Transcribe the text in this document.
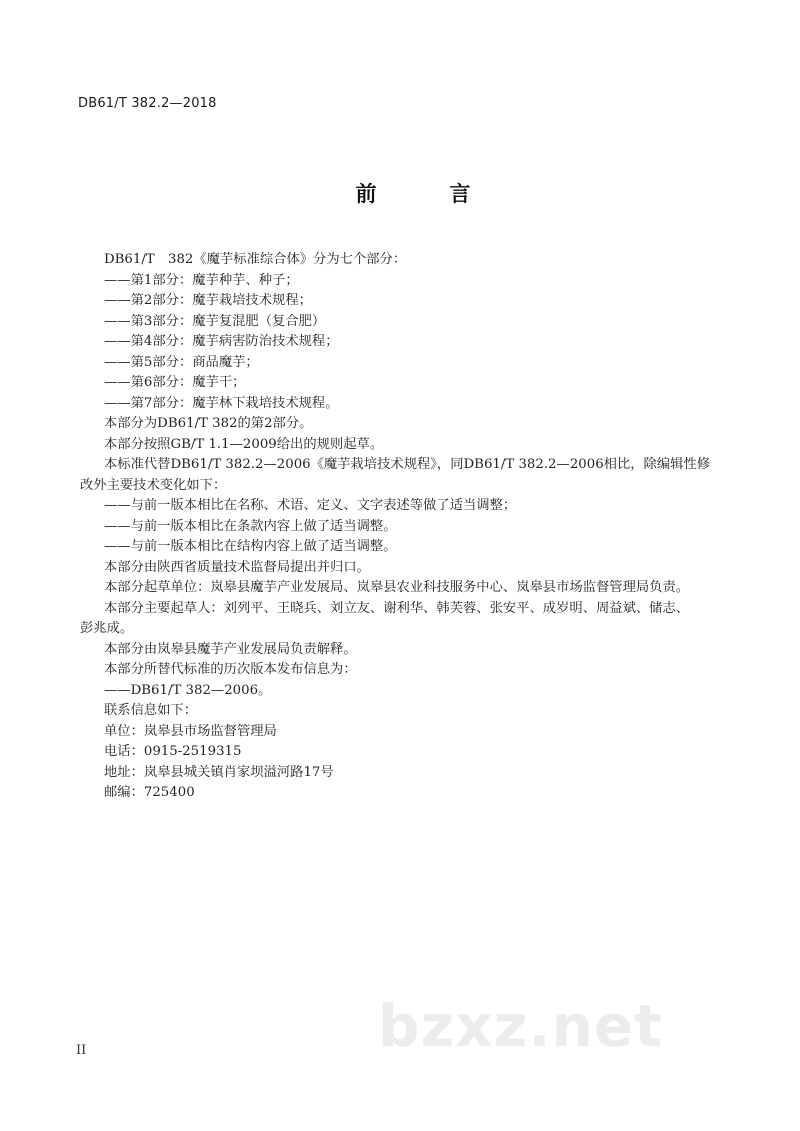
DB61/T 382.2—2018
前　言

DB61/T　382《魔芋标准综合体》分为七个部分：

——第1部分：魔芋种芋、种子；

——第2部分：魔芋栽培技术规程；

——第3部分：魔芋复混肥（复合肥）

——第4部分：魔芋病害防治技术规程；

——第5部分：商品魔芋；

——第6部分：魔芋干；

——第7部分：魔芋林下栽培技术规程。

本部分为DB61/T 382的第2部分。

本部分按照GB/T 1.1—2009给出的规则起草。

本标准代替DB61/T 382.2—2006《魔芋栽培技术规程》，同DB61/T 382.2—2006相比，除编辑性修

改外主要技术变化如下：

——与前一版本相比在名称、术语、定义、文字表述等做了适当调整；

——与前一版本相比在条款内容上做了适当调整。

——与前一版本相比在结构内容上做了适当调整。

本部分由陕西省质量技术监督局提出并归口。

本部分起草单位：岚皋县魔芋产业发展局、岚皋县农业科技服务中心、岚皋县市场监督管理局负责。

本部分主要起草人：刘列平、王晓兵、刘立友、谢利华、韩芙蓉、张安平、成岁明、周益斌、储志、

彭兆成。

本部分由岚皋县魔芋产业发展局负责解释。

本部分所替代标准的历次版本发布信息为：

——DB61/T 382—2006。

联系信息如下：

单位：岚皋县市场监督管理局

电话：0915-2519315

地址：岚皋县城关镇肖家坝溢河路17号

邮编：725400

II	bzxz.net
